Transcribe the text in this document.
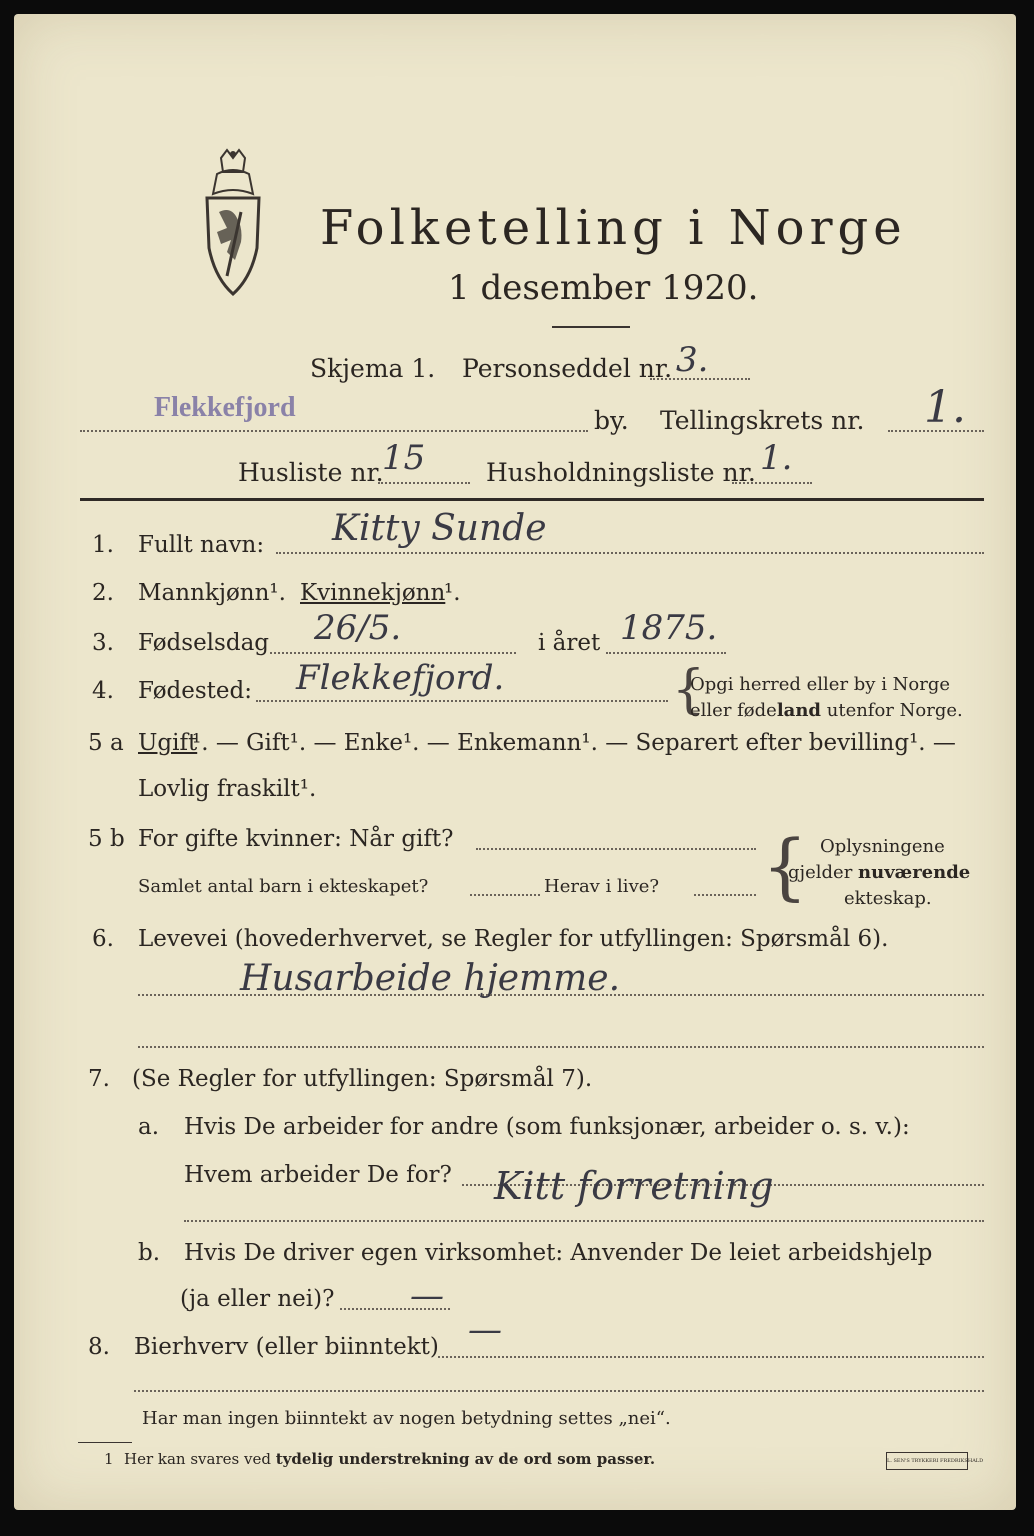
Folketelling i Norge
1 desember 1920.
Skjema 1. Personseddel nr. 3.
Flekkefjord	by. Tellingskrets nr. 1.
Husliste nr.
15 Husholdningsliste nr. 1.
1. Fullt navn: Kitty Sunde
2. Mannkjønn¹. Kvinnekjønn
¹.
3. Fødselsdag 26/5.	i året 1875.
4. Fødested: Flekkefjord.	{
Opgi herred eller by i Norge
eller fødeland utenfor Norge.
5 a Ugift
¹. — Gift¹. — Enke¹. — Enkemann¹. — Separert efter bevilling¹. —
Lovlig fraskilt¹.
5 b For gifte kvinner: Når gift?
Samlet antal barn i ekteskapet?	Herav i live? { Oplysningene
gjelder nuværende
ekteskap.
6. Levevei (hovederhvervet, se Regler for utfyllingen: Spørsmål 6).
Husarbeide hjemme.
7. (Se Regler for utfyllingen: Spørsmål 7).
a. Hvis De arbeider for andre (som funksjonær, arbeider o. s. v.):
Hvem arbeider De for? Kitt forretning
b. Hvis De driver egen virksomhet: Anvender De leiet arbeidshjelp
(ja eller nei)? —
8. Bierhverv (eller biinntekt) —
Har man ingen biinntekt av nogen betydning settes „nei“.
1 Her kan svares ved tydelig understrekning av de ord som passer.	L. SEN'S TRYKKERI FREDRIKSHALD
